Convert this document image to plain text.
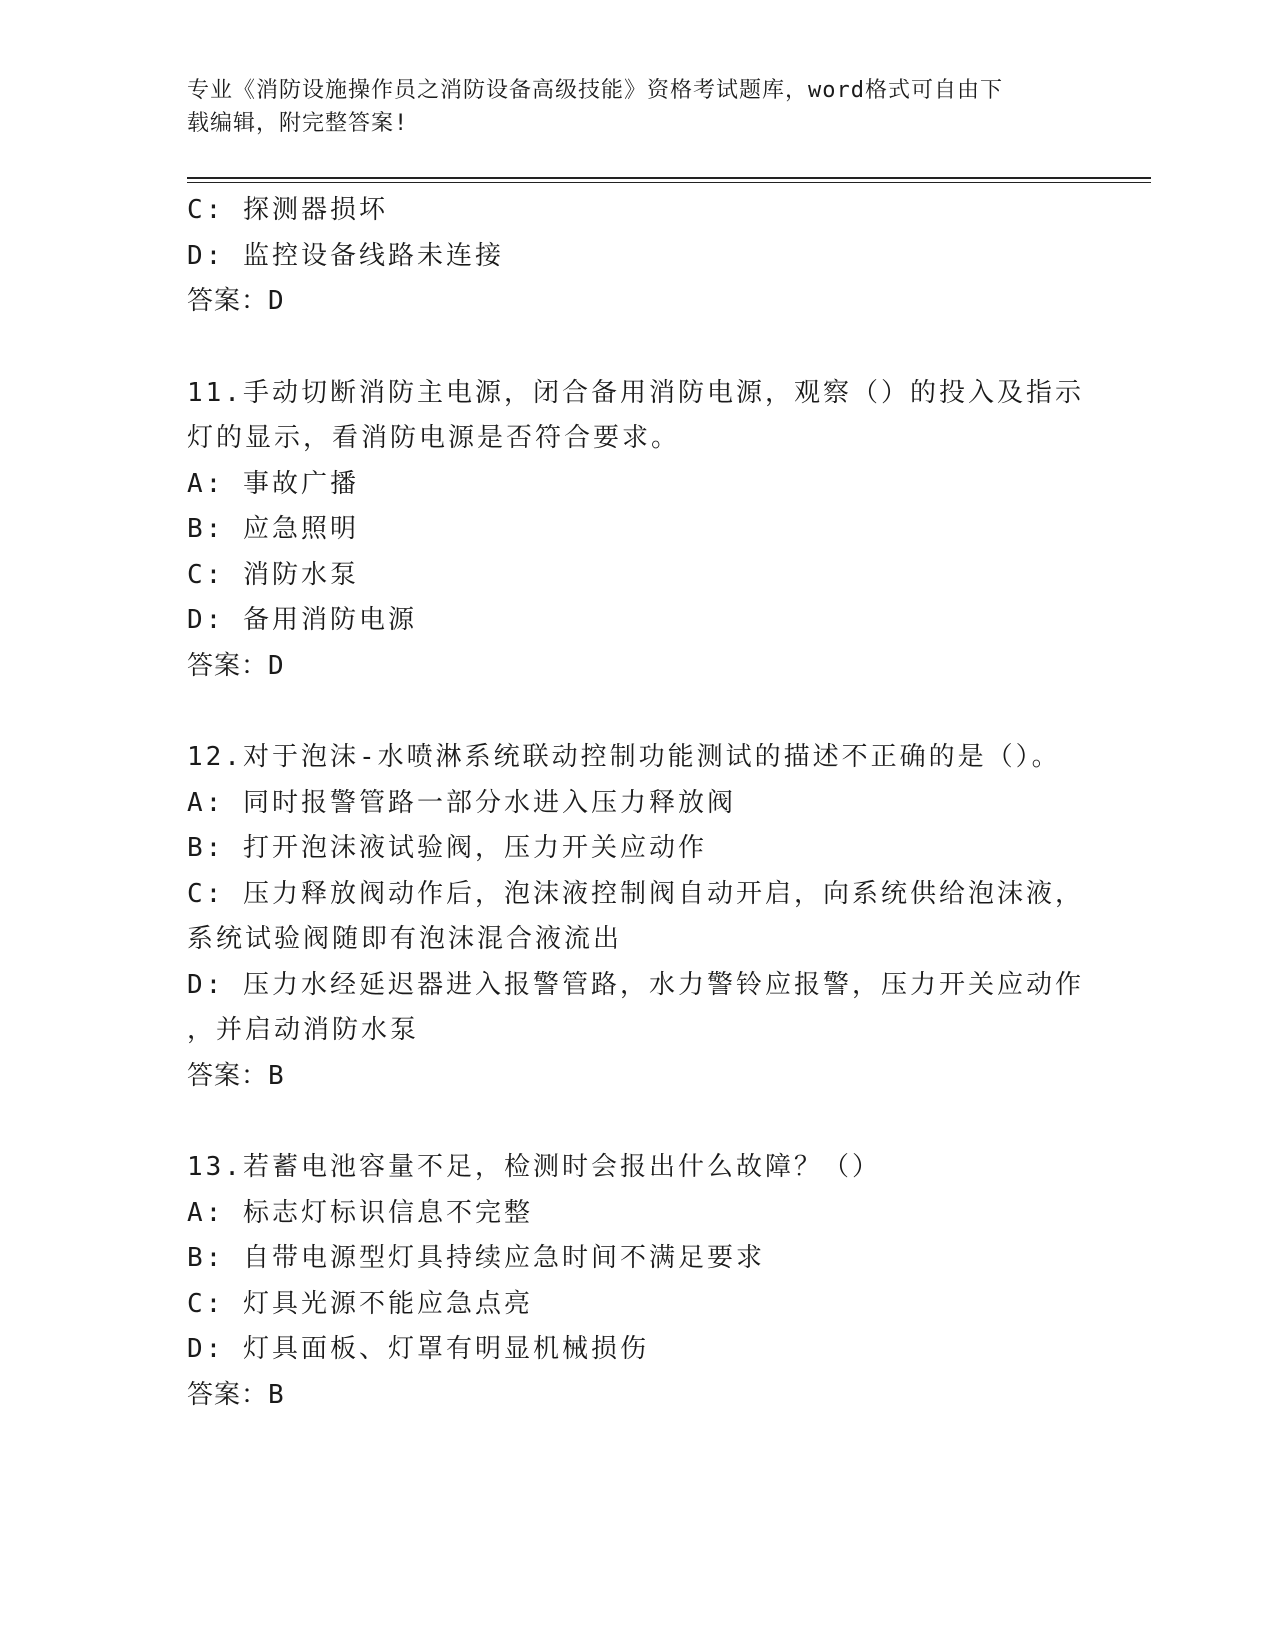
专业《消防设施操作员之消防设备高级技能》资格考试题库，word格式可自由下
载编辑，附完整答案!
C: 探测器损坏
D: 监控设备线路未连接
答案：D
11.手动切断消防主电源，闭合备用消防电源，观察（）的投入及指示
灯的显示，看消防电源是否符合要求。
A: 事故广播
B: 应急照明
C: 消防水泵
D: 备用消防电源
答案：D
12.对于泡沫-水喷淋系统联动控制功能测试的描述不正确的是（）。
A: 同时报警管路一部分水进入压力释放阀
B: 打开泡沫液试验阀，压力开关应动作
C: 压力释放阀动作后，泡沫液控制阀自动开启，向系统供给泡沫液，
系统试验阀随即有泡沫混合液流出
D: 压力水经延迟器进入报警管路，水力警铃应报警，压力开关应动作
，并启动消防水泵
答案：B
13.若蓄电池容量不足，检测时会报出什么故障？（）
A: 标志灯标识信息不完整
B: 自带电源型灯具持续应急时间不满足要求
C: 灯具光源不能应急点亮
D: 灯具面板、灯罩有明显机械损伤
答案：B
